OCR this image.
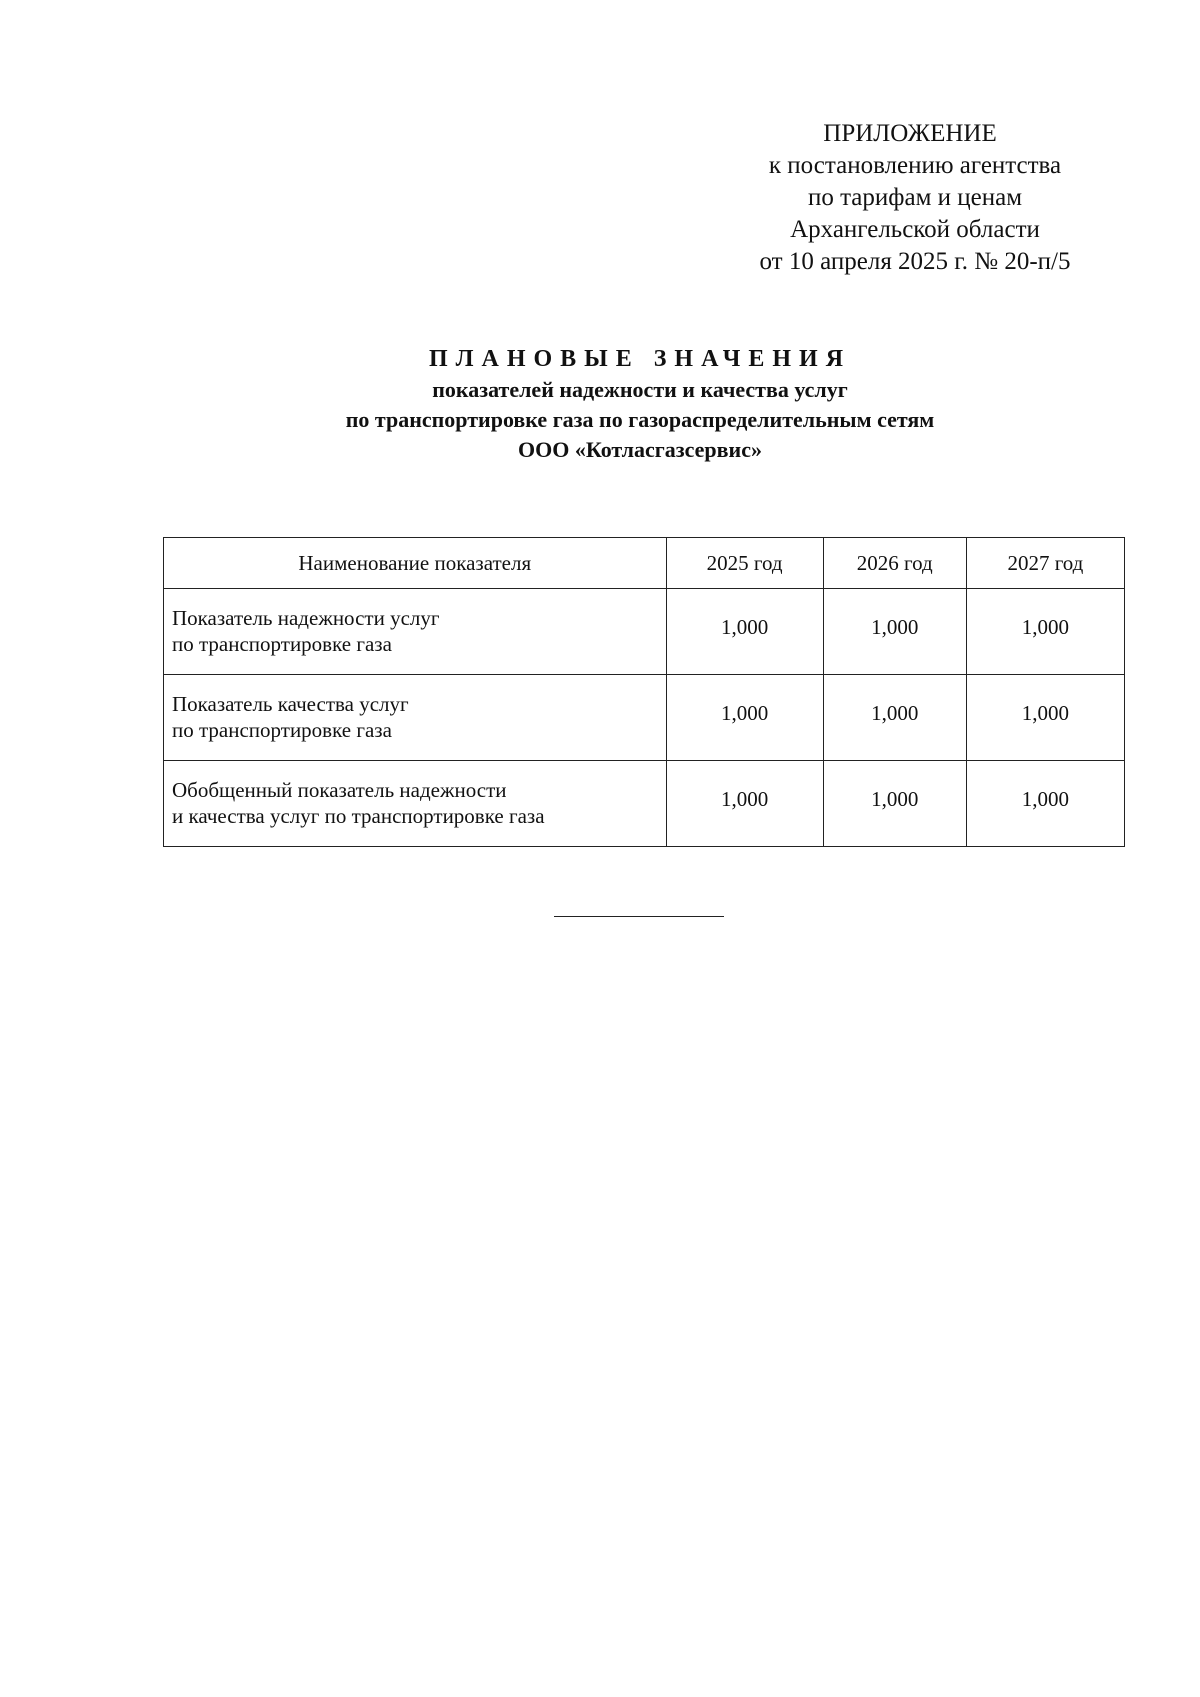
ПРИЛОЖЕНИЕ
к постановлению агентства
по тарифам и ценам
Архангельской области
от 10 апреля 2025 г. № 20-п/5
ПЛАНОВЫЕ ЗНАЧЕНИЯ
показателей надежности и качества услуг
по транспортировке газа по газораспределительным сетям
ООО «Котласгазсервис»
Наименование показателя	2025 год	2026 год	2027 год

Показатель надежности услуг
по транспортировке газа	1,000	1,000	1,000

Показатель качества услуг
по транспортировке газа	1,000	1,000	1,000

Обобщенный показатель надежности
и качества услуг по транспортировке газа	1,000	1,000	1,000
